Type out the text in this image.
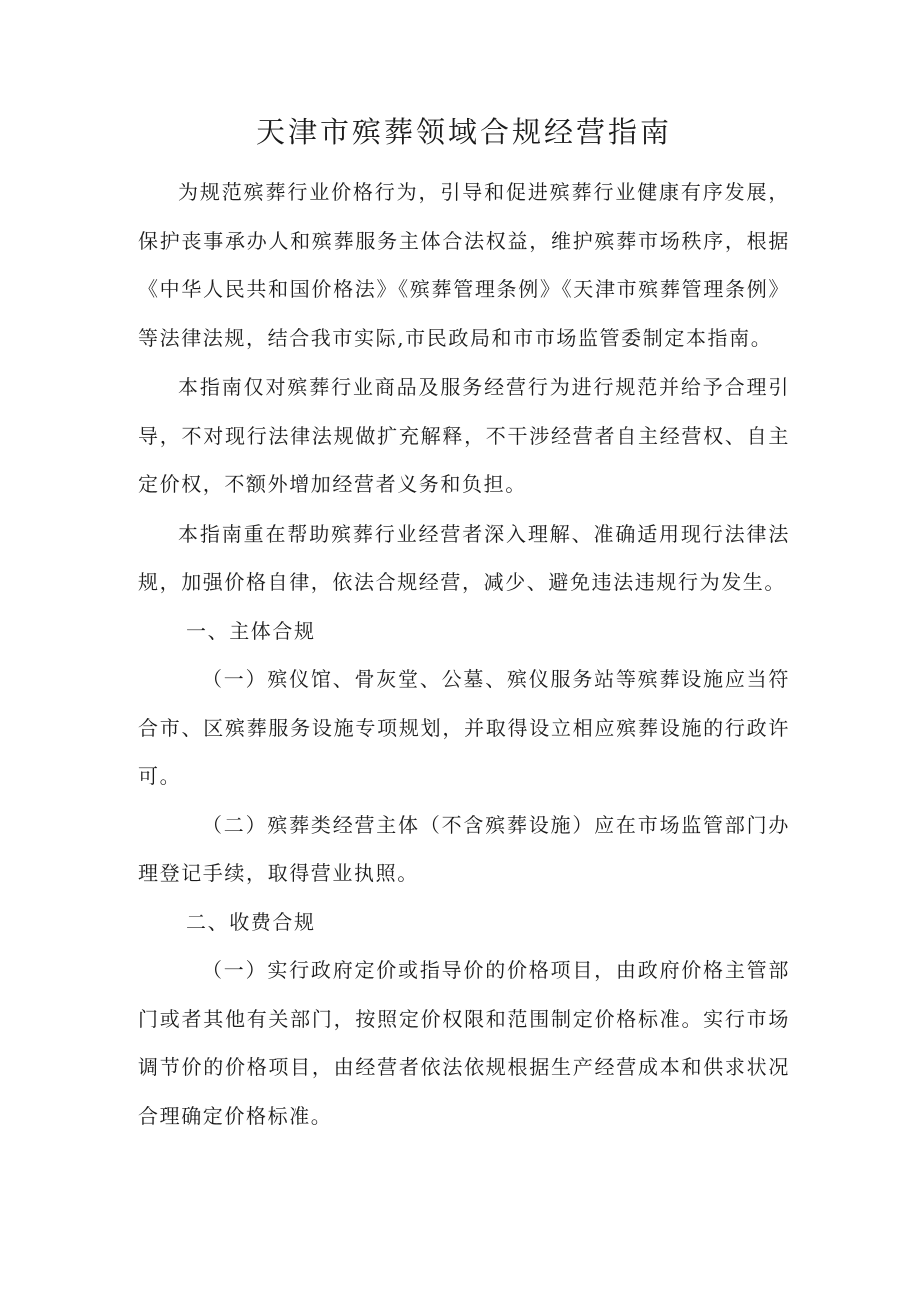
天津市殡葬领域合规经营指南

为规范殡葬行业价格行为，引导和促进殡葬行业健康有序发展，保护丧事承办人和殡葬服务主体合法权益，维护殡葬市场秩序，根据《中华人民共和国价格法》《殡葬管理条例》《天津市殡葬管理条例》等法律法规，结合我市实际,市民政局和市市场监管委制定本指南。

本指南仅对殡葬行业商品及服务经营行为进行规范并给予合理引导，不对现行法律法规做扩充解释，不干涉经营者自主经营权、自主定价权，不额外增加经营者义务和负担。

本指南重在帮助殡葬行业经营者深入理解、准确适用现行法律法规，加强价格自律，依法合规经营，减少、避免违法违规行为发生。

一、主体合规

（一）殡仪馆、骨灰堂、公墓、殡仪服务站等殡葬设施应当符合市、区殡葬服务设施专项规划，并取得设立相应殡葬设施的行政许可。

（二）殡葬类经营主体（不含殡葬设施）应在市场监管部门办理登记手续，取得营业执照。

二、收费合规

（一）实行政府定价或指导价的价格项目，由政府价格主管部门或者其他有关部门，按照定价权限和范围制定价格标准。实行市场调节价的价格项目，由经营者依法依规根据生产经营成本和供求状况合理确定价格标准。
